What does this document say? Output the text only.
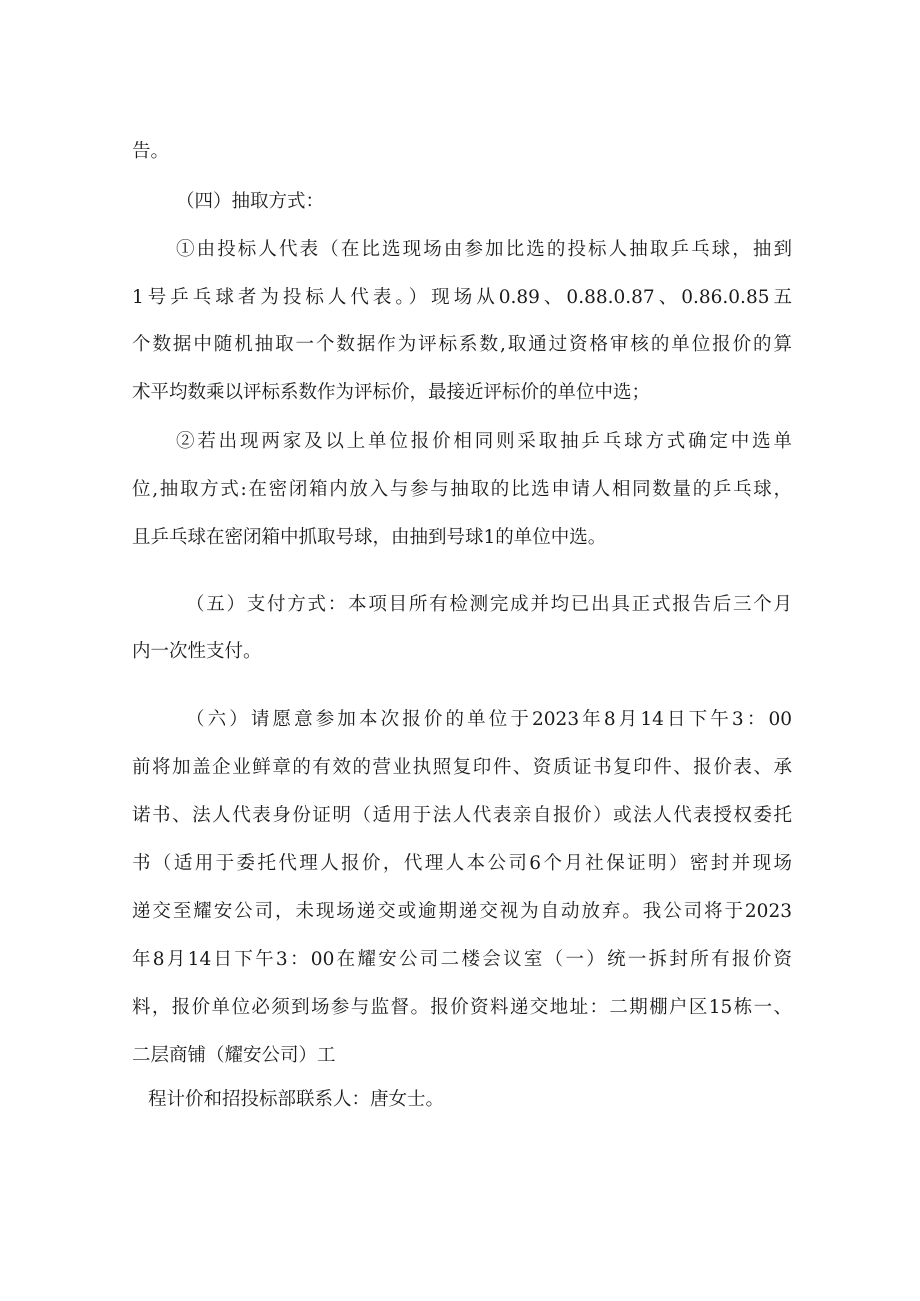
告。

（四）抽取方式：

①由投标人代表（在比选现场由参加比选的投标人抽取乒乓球，抽到

1号乒乓球者为投标人代表。）现场从0.89、0.88.0.87、0.86.0.85五

个数据中随机抽取一个数据作为评标系数,取通过资格审核的单位报价的算

术平均数乘以评标系数作为评标价，最接近评标价的单位中选；

②若出现两家及以上单位报价相同则采取抽乒乓球方式确定中选单

位,抽取方式:在密闭箱内放入与参与抽取的比选申请人相同数量的乒乓球，

且乒乓球在密闭箱中抓取号球，由抽到号球1的单位中选。

（五）支付方式：本项目所有检测完成并均已出具正式报告后三个月

内一次性支付。

（六）请愿意参加本次报价的单位于2023年8月14日下午3：00

前将加盖企业鲜章的有效的营业执照复印件、资质证书复印件、报价表、承

诺书、法人代表身份证明（适用于法人代表亲自报价）或法人代表授权委托

书（适用于委托代理人报价，代理人本公司6个月社保证明）密封并现场

递交至耀安公司，未现场递交或逾期递交视为自动放弃。我公司将于2023

年8月14日下午3：00在耀安公司二楼会议室（一）统一拆封所有报价资

料，报价单位必须到场参与监督。报价资料递交地址：二期棚户区15栋一、

二层商铺（耀安公司）工

程计价和招投标部联系人：唐女士。
